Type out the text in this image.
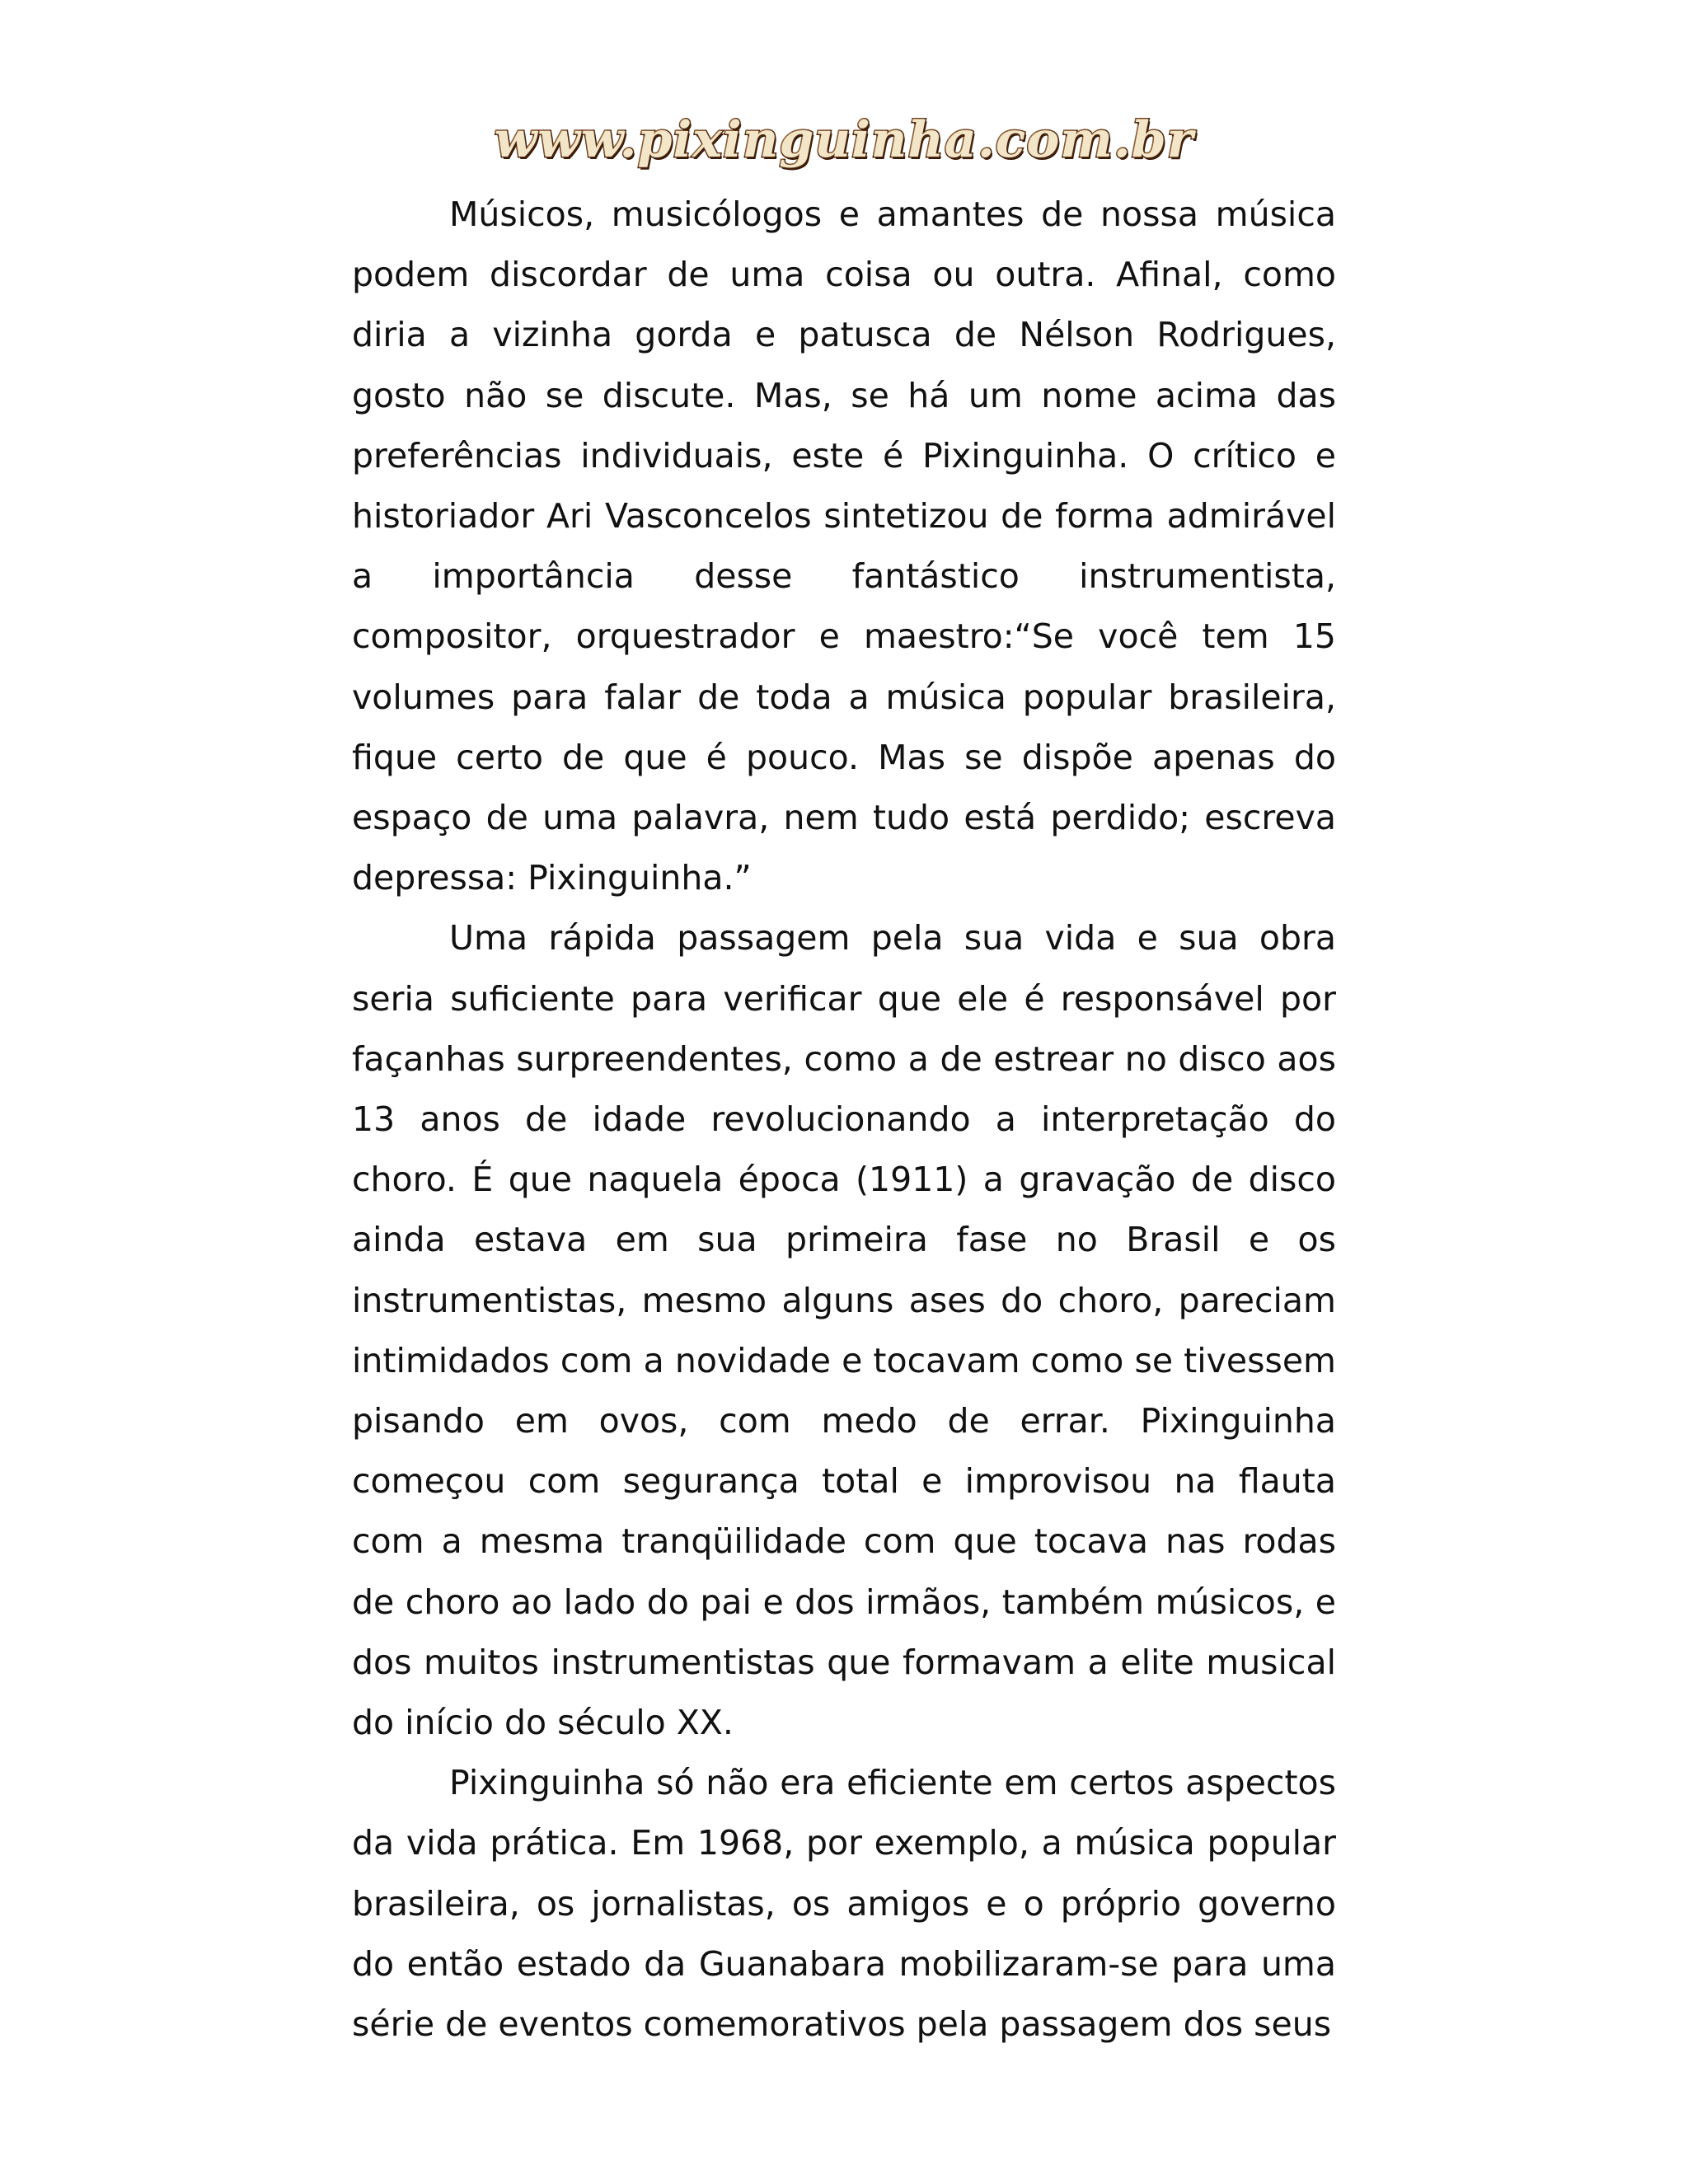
www.pixinguinha.com.br

Músicos, musicólogos e amantes de nossa música podem discordar de uma coisa ou outra. Afinal, como diria a vizinha gorda e patusca de Nélson Rodrigues, gosto não se discute. Mas, se há um nome acima das preferências individuais, este é Pixinguinha. O crítico e historiador Ari Vasconcelos sintetizou de forma admirável a importância desse fantástico instrumentista, compositor, orquestrador e maestro:“Se você tem 15 volumes para falar de toda a música popular brasileira, fique certo de que é pouco. Mas se dispõe apenas do espaço de uma palavra, nem tudo está perdido; escreva depressa: Pixinguinha.”

Uma rápida passagem pela sua vida e sua obra seria suficiente para verificar que ele é responsável por façanhas surpreendentes, como a de estrear no disco aos 13 anos de idade revolucionando a interpretação do choro. É que naquela época (1911) a gravação de disco ainda estava em sua primeira fase no Brasil e os instrumentistas, mesmo alguns ases do choro, pareciam intimidados com a novidade e tocavam como se tivessem pisando em ovos, com medo de errar. Pixinguinha começou com segurança total e improvisou na flauta com a mesma tranqüilidade com que tocava nas rodas de choro ao lado do pai e dos irmãos, também músicos, e dos muitos instrumentistas que formavam a elite musical do início do século XX.

Pixinguinha só não era eficiente em certos aspectos da vida prática. Em 1968, por exemplo, a música popular brasileira, os jornalistas, os amigos e o próprio governo do então estado da Guanabara mobilizaram-se para uma série de eventos comemorativos pela passagem dos seus
